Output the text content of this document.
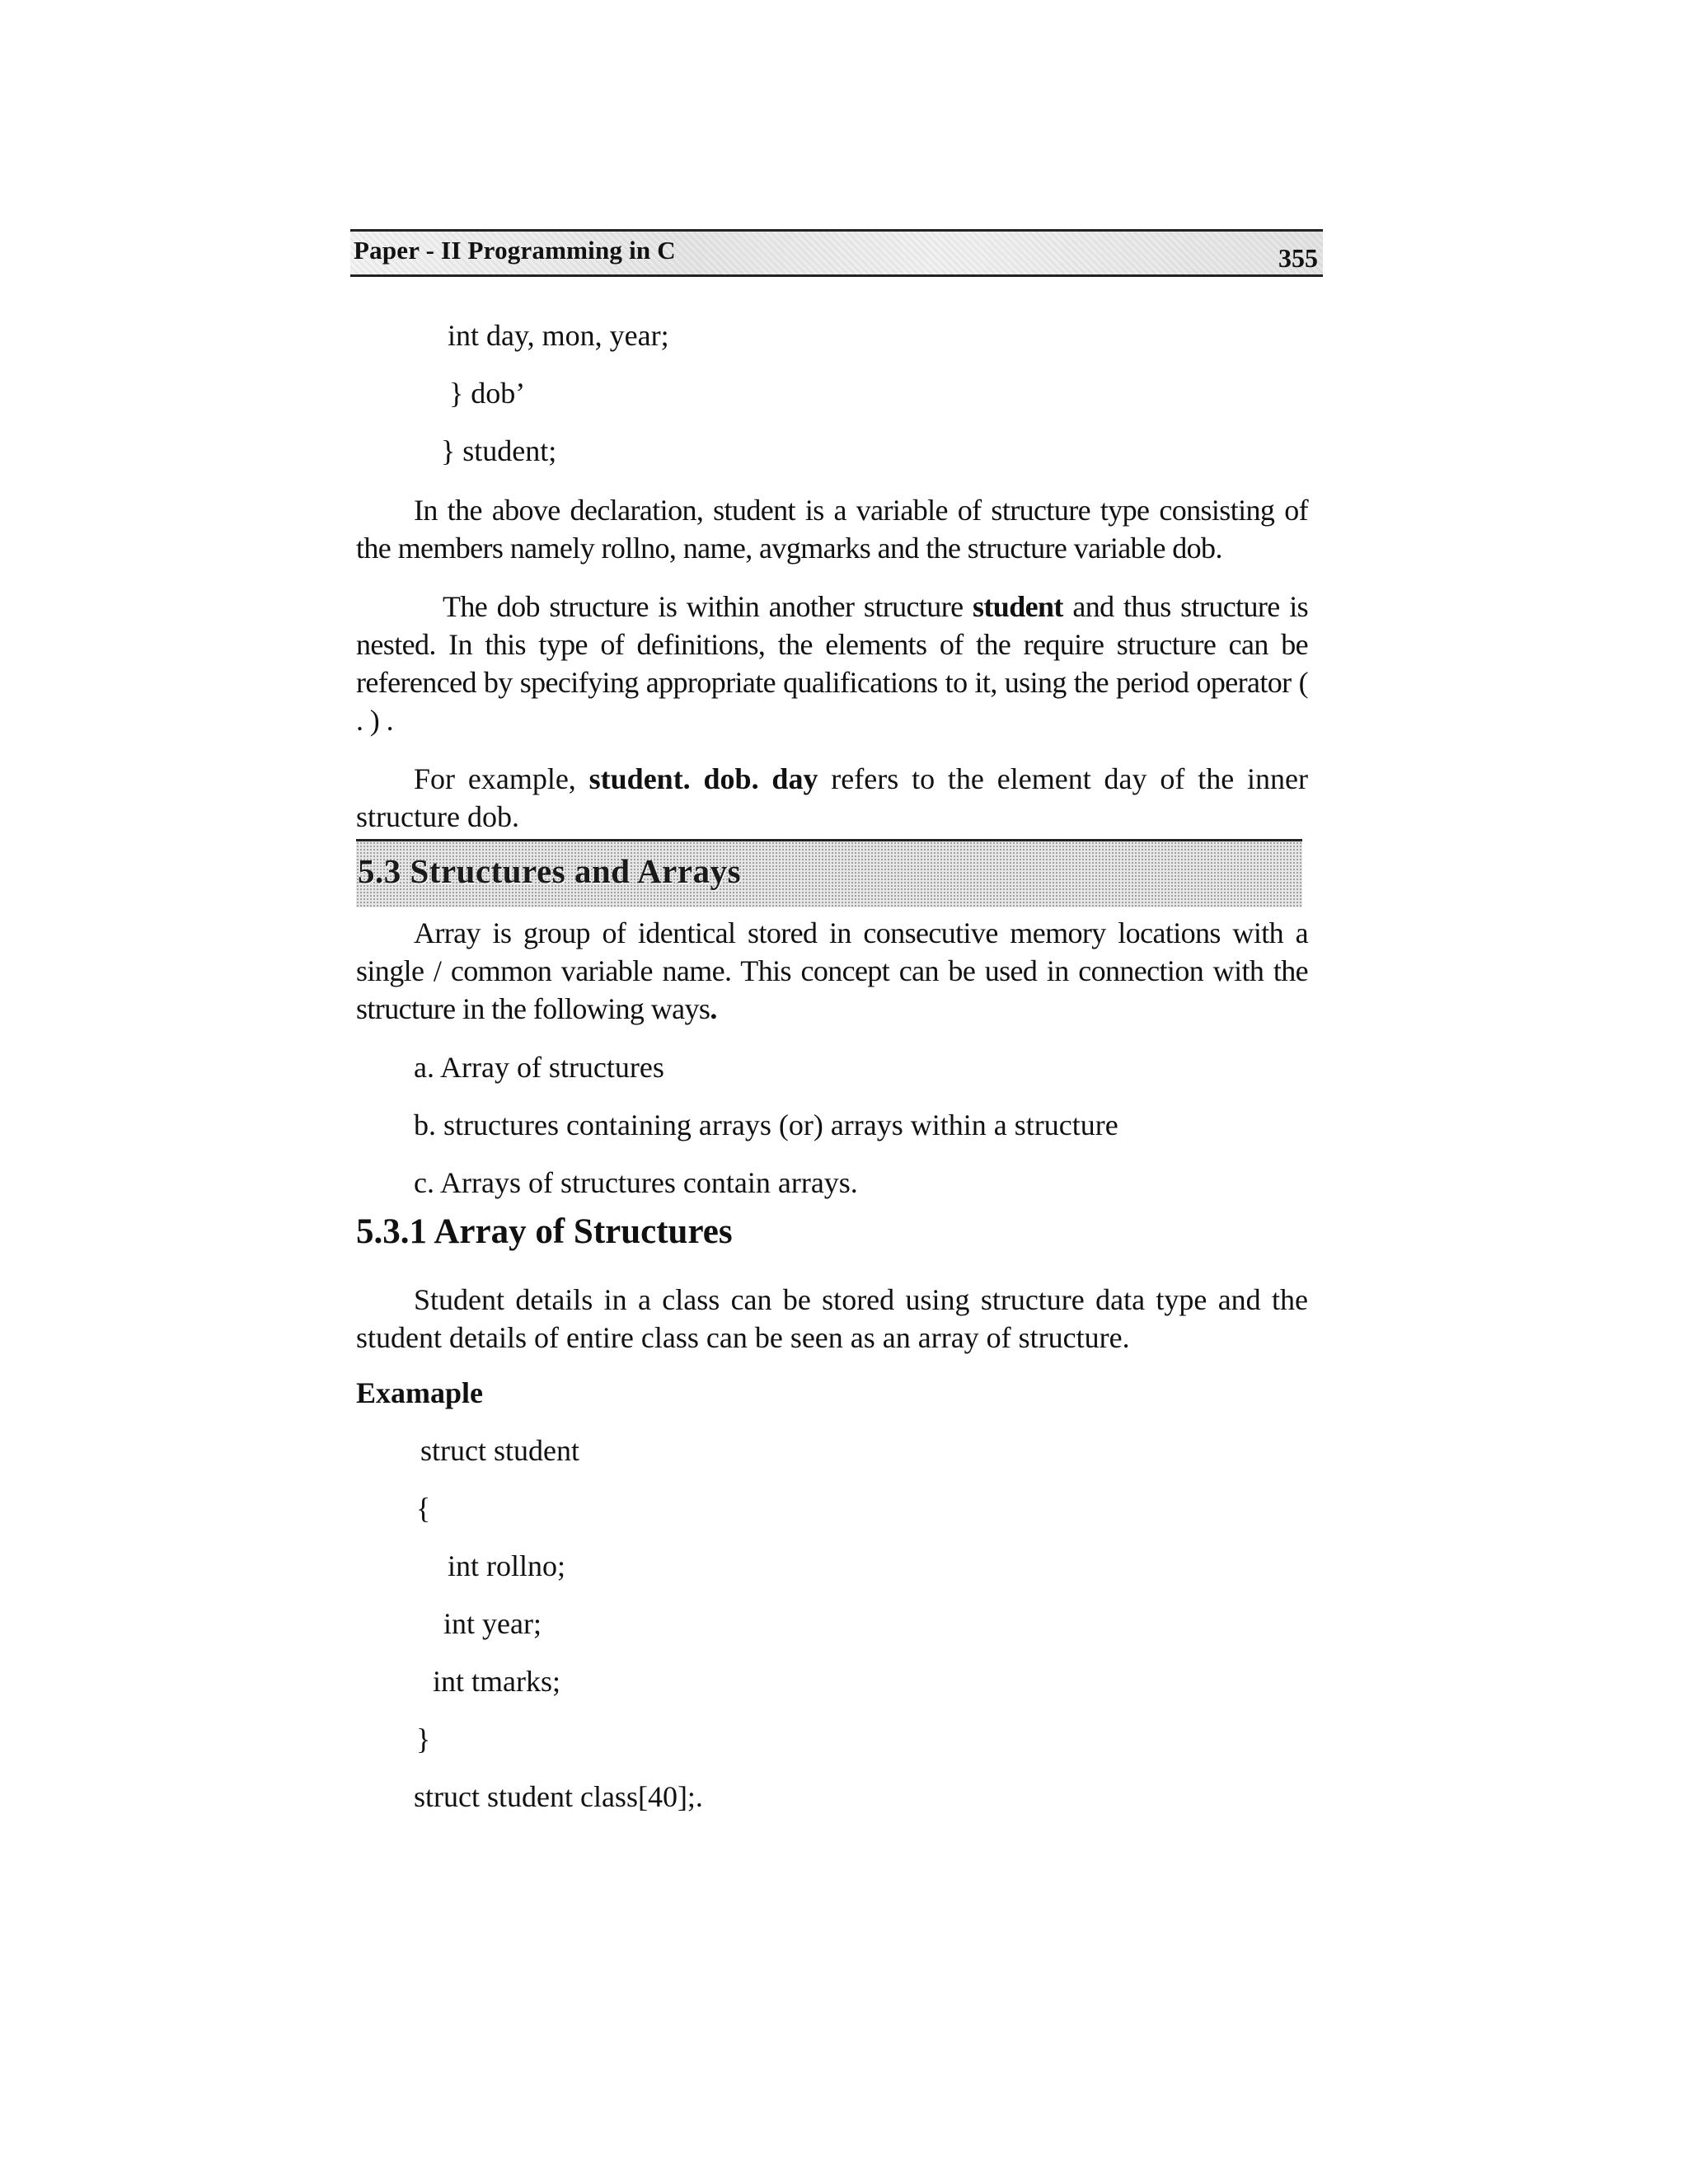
Paper - II Programming in C	355
int day, mon, year;
} dob’
} student;
In the above declaration, student is a variable of structure type consisting of the members namely rollno, name, avgmarks and the structure variable dob.
The dob structure is within another structure student and thus structure is nested. In this type of definitions, the elements of the require structure can be referenced by specifying appropriate qualifications to it, using the period operator ( . ) .
For example, student. dob. day refers to the element day of the inner structure dob.
5.3 Structures and Arrays
Array is group of identical stored in consecutive memory locations with a single / common variable name. This concept can be used in connection with the structure in the following ways.
a. Array of structures
b. structures containing arrays (or) arrays within a structure
c. Arrays of structures contain arrays.
5.3.1 Array of Structures
Student details in a class can be stored using structure data type and the student details of entire class can be seen as an array of structure.
Examaple
struct student
{
int rollno;
int year;
int tmarks;
}
struct student class[40];.
